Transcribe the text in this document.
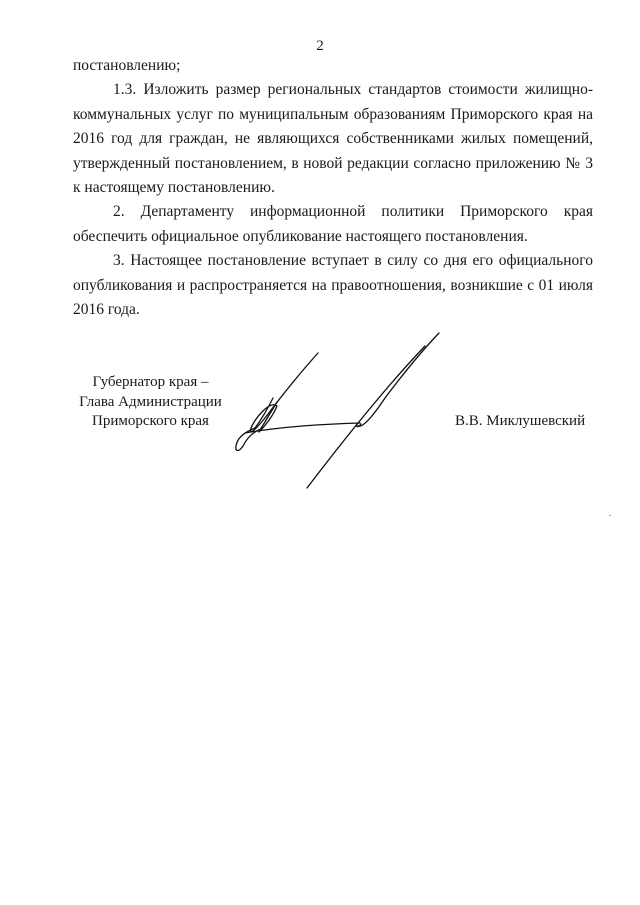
2

постановлению;

1.3. Изложить размер региональных стандартов стоимости жилищно-коммунальных услуг по муниципальным образованиям Приморского края на 2016 год для граждан, не являющихся собственниками жилых помещений, утвержденный постановлением, в новой редакции согласно приложению № 3 к настоящему постановлению.

2. Департаменту информационной политики Приморского края обеспечить официальное опубликование настоящего постановления.

3. Настоящее постановление вступает в силу со дня его официального опубликования и распространяется на правоотношения, возникшие с 01 июля 2016 года.

Губернатор края –
Глава Администрации
Приморского края	В.В. Миклушевский
